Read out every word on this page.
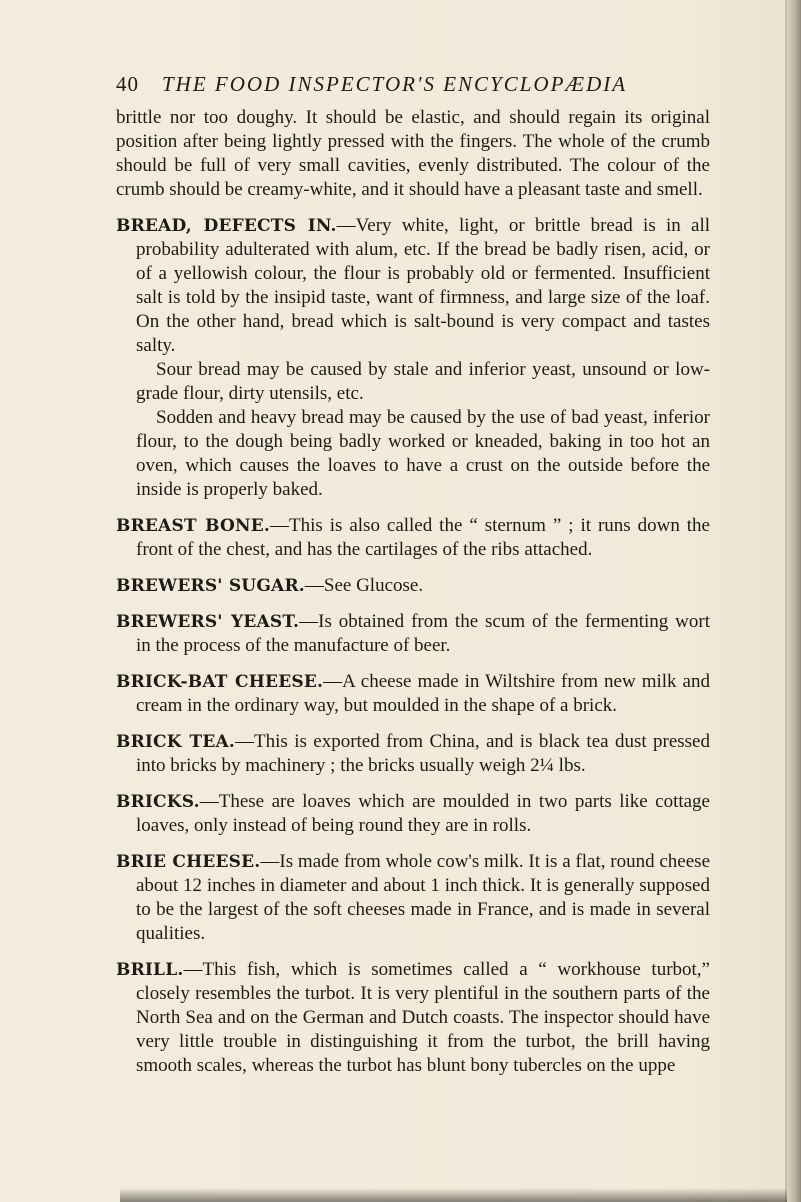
40 THE FOOD INSPECTOR'S ENCYCLOPÆDIA

brittle nor too doughy. It should be elastic, and should regain its original position after being lightly pressed with the fingers. The whole of the crumb should be full of very small cavities, evenly distributed. The colour of the crumb should be creamy-white, and it should have a pleasant taste and smell.

BREAD, DEFECTS IN.—Very white, light, or brittle bread is in all probability adulterated with alum, etc. If the bread be badly risen, acid, or of a yellowish colour, the flour is probably old or fermented. Insufficient salt is told by the insipid taste, want of firmness, and large size of the loaf. On the other hand, bread which is salt-bound is very compact and tastes salty.

Sour bread may be caused by stale and inferior yeast, unsound or low-grade flour, dirty utensils, etc.

Sodden and heavy bread may be caused by the use of bad yeast, inferior flour, to the dough being badly worked or kneaded, baking in too hot an oven, which causes the loaves to have a crust on the outside before the inside is properly baked.

BREAST BONE.—This is also called the “ sternum ” ; it runs down the front of the chest, and has the cartilages of the ribs attached.
BREWERS' SUGAR.—See Glucose.
BREWERS' YEAST.—Is obtained from the scum of the fermenting wort in the process of the manufacture of beer.
BRICK-BAT CHEESE.—A cheese made in Wiltshire from new milk and cream in the ordinary way, but moulded in the shape of a brick.
BRICK TEA.—This is exported from China, and is black tea dust pressed into bricks by machinery ; the bricks usually weigh 2¼ lbs.
BRICKS.—These are loaves which are moulded in two parts like cottage loaves, only instead of being round they are in rolls.
BRIE CHEESE.—Is made from whole cow's milk. It is a flat, round cheese about 12 inches in diameter and about 1 inch thick. It is generally supposed to be the largest of the soft cheeses made in France, and is made in several qualities.
BRILL.—This fish, which is sometimes called a “ workhouse turbot,” closely resembles the turbot. It is very plentiful in the southern parts of the North Sea and on the German and Dutch coasts. The inspector should have very little trouble in distinguishing it from the turbot, the brill having smooth scales, whereas the turbot has blunt bony tubercles on the uppe
